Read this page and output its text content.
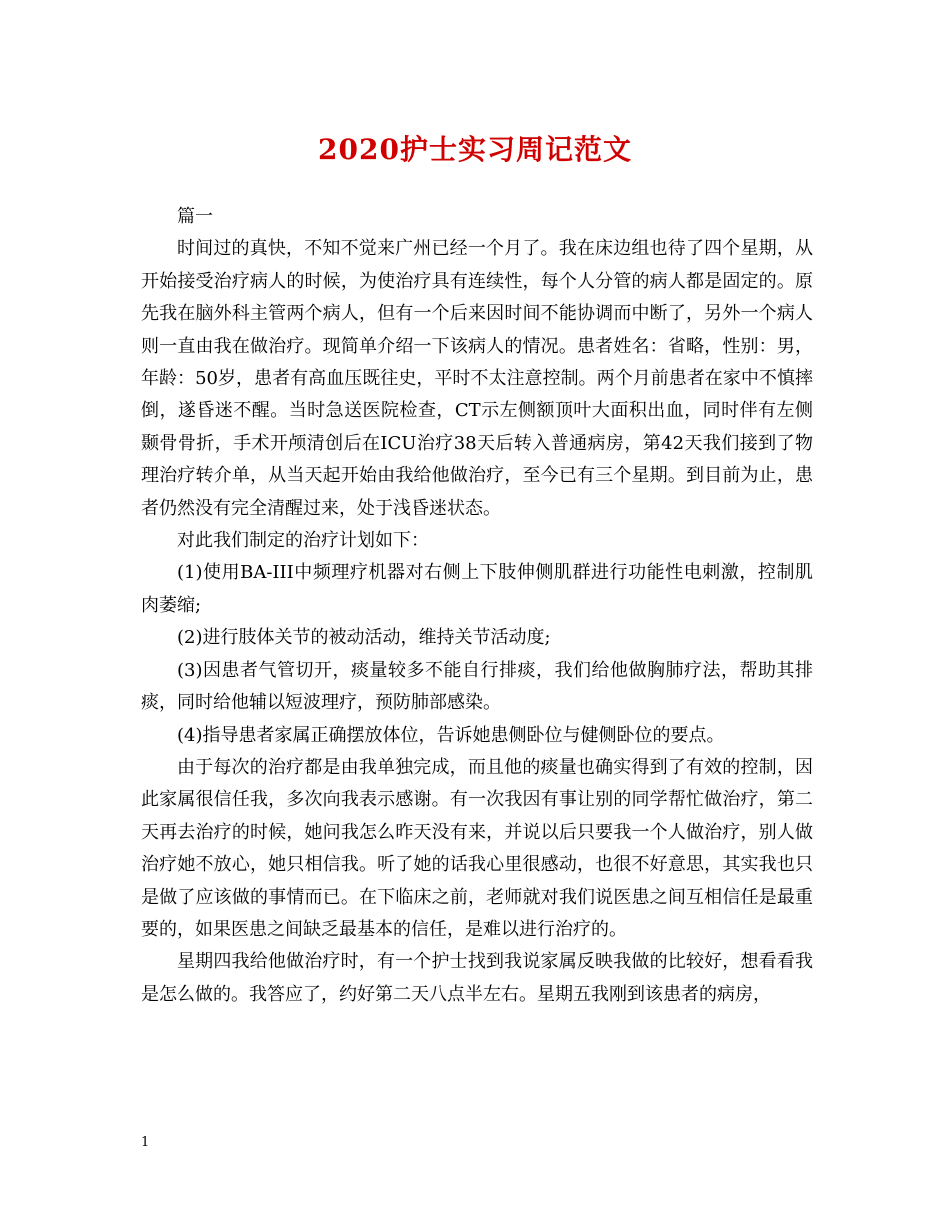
2020护士实习周记范文

篇一

时间过的真快，不知不觉来广州已经一个月了。我在床边组也待了四个星期，从开始接受治疗病人的时候，为使治疗具有连续性，每个人分管的病人都是固定的。原先我在脑外科主管两个病人，但有一个后来因时间不能协调而中断了，另外一个病人则一直由我在做治疗。现简单介绍一下该病人的情况。患者姓名：省略，性别：男，年龄：50岁，患者有高血压既往史，平时不太注意控制。两个月前患者在家中不慎摔倒，遂昏迷不醒。当时急送医院检查，CT示左侧额顶叶大面积出血，同时伴有左侧颞骨骨折，手术开颅清创后在ICU治疗38天后转入普通病房，第42天我们接到了物理治疗转介单，从当天起开始由我给他做治疗，至今已有三个星期。到目前为止，患者仍然没有完全清醒过来，处于浅昏迷状态。

对此我们制定的治疗计划如下：

(1)使用BA-III中频理疗机器对右侧上下肢伸侧肌群进行功能性电刺激，控制肌肉萎缩;

(2)进行肢体关节的被动活动，维持关节活动度;

(3)因患者气管切开，痰量较多不能自行排痰，我们给他做胸肺疗法，帮助其排痰，同时给他辅以短波理疗，预防肺部感染。

(4)指导患者家属正确摆放体位，告诉她患侧卧位与健侧卧位的要点。

由于每次的治疗都是由我单独完成，而且他的痰量也确实得到了有效的控制，因此家属很信任我，多次向我表示感谢。有一次我因有事让别的同学帮忙做治疗，第二天再去治疗的时候，她问我怎么昨天没有来，并说以后只要我一个人做治疗，别人做治疗她不放心，她只相信我。听了她的话我心里很感动，也很不好意思，其实我也只是做了应该做的事情而已。在下临床之前，老师就对我们说医患之间互相信任是最重要的，如果医患之间缺乏最基本的信任，是难以进行治疗的。

星期四我给他做治疗时，有一个护士找到我说家属反映我做的比较好，想看看我是怎么做的。我答应了，约好第二天八点半左右。星期五我刚到该患者的病房，

1
